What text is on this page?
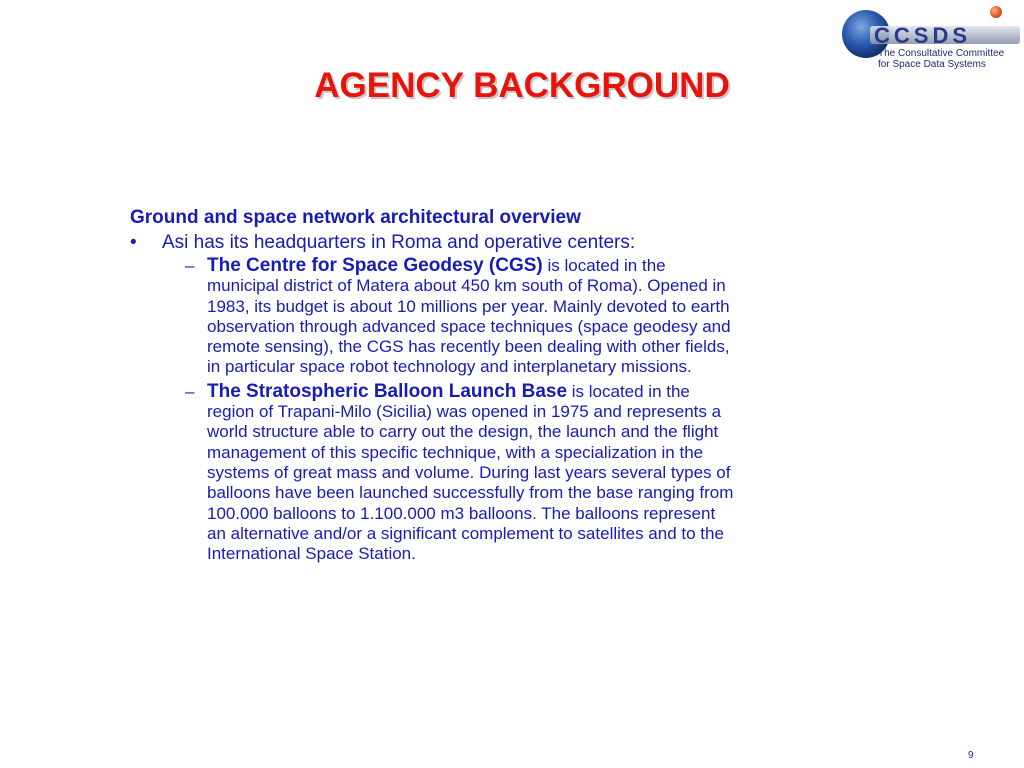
AGENCY BACKGROUND
CCSDS
The Consultative Committee
for Space Data Systems

Ground and space network architectural overview

• Asi has its headquarters in Roma and operative centers:
– The Centre for Space Geodesy (CGS) is located in the
municipal district of Matera about 450 km south of Roma). Opened in
1983, its budget is about 10 millions per year. Mainly devoted to earth
observation through advanced space techniques (space geodesy and
remote sensing), the CGS has recently been dealing with other fields,
in particular space robot technology and interplanetary missions.
– The Stratospheric Balloon Launch Base is located in the
region of Trapani-Milo (Sicilia) was opened in 1975 and represents a
world structure able to carry out the design, the launch and the flight
management of this specific technique, with a specialization in the
systems of great mass and volume. During last years several types of
balloons have been launched successfully from the base ranging from
100.000 balloons to 1.100.000 m3 balloons. The balloons represent
an alternative and/or a significant complement to satellites and to the
International Space Station.
9
